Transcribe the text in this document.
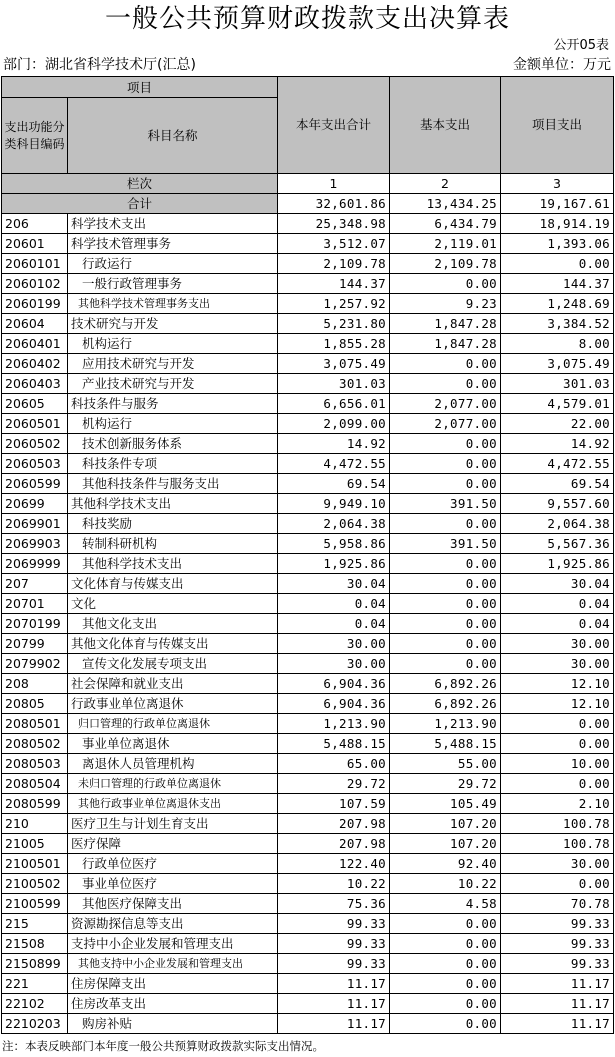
一般公共预算财政拨款支出决算表
公开05表
部门：湖北省科学技术厅(汇总)	金额单位：万元
项目		本年支出合计	基本支出	项目支出
支出功能分类科目编码	科目名称			
栏次		1	2	3
合计		32,601.86	13,434.25	19,167.61
206	科学技术支出	25,348.98	6,434.79	18,914.19
20601	科学技术管理事务	3,512.07	2,119.01	1,393.06
2060101	行政运行	2,109.78	2,109.78	0.00
2060102	一般行政管理事务	144.37	0.00	144.37
2060199	其他科学技术管理事务支出	1,257.92	9.23	1,248.69
20604	技术研究与开发	5,231.80	1,847.28	3,384.52
2060401	机构运行	1,855.28	1,847.28	8.00
2060402	应用技术研究与开发	3,075.49	0.00	3,075.49
2060403	产业技术研究与开发	301.03	0.00	301.03
20605	科技条件与服务	6,656.01	2,077.00	4,579.01
2060501	机构运行	2,099.00	2,077.00	22.00
2060502	技术创新服务体系	14.92	0.00	14.92
2060503	科技条件专项	4,472.55	0.00	4,472.55
2060599	其他科技条件与服务支出	69.54	0.00	69.54
20699	其他科学技术支出	9,949.10	391.50	9,557.60
2069901	科技奖励	2,064.38	0.00	2,064.38
2069903	转制科研机构	5,958.86	391.50	5,567.36
2069999	其他科学技术支出	1,925.86	0.00	1,925.86
207	文化体育与传媒支出	30.04	0.00	30.04
20701	文化	0.04	0.00	0.04
2070199	其他文化支出	0.04	0.00	0.04
20799	其他文化体育与传媒支出	30.00	0.00	30.00
2079902	宣传文化发展专项支出	30.00	0.00	30.00
208	社会保障和就业支出	6,904.36	6,892.26	12.10
20805	行政事业单位离退休	6,904.36	6,892.26	12.10
2080501	归口管理的行政单位离退休	1,213.90	1,213.90	0.00
2080502	事业单位离退休	5,488.15	5,488.15	0.00
2080503	离退休人员管理机构	65.00	55.00	10.00
2080504	未归口管理的行政单位离退休	29.72	29.72	0.00
2080599	其他行政事业单位离退休支出	107.59	105.49	2.10
210	医疗卫生与计划生育支出	207.98	107.20	100.78
21005	医疗保障	207.98	107.20	100.78
2100501	行政单位医疗	122.40	92.40	30.00
2100502	事业单位医疗	10.22	10.22	0.00
2100599	其他医疗保障支出	75.36	4.58	70.78
215	资源勘探信息等支出	99.33	0.00	99.33
21508	支持中小企业发展和管理支出	99.33	0.00	99.33
2150899	其他支持中小企业发展和管理支出	99.33	0.00	99.33
221	住房保障支出	11.17	0.00	11.17
22102	住房改革支出	11.17	0.00	11.17
2210203	购房补贴	11.17	0.00	11.17
注：本表反映部门本年度一般公共预算财政拨款实际支出情况。
